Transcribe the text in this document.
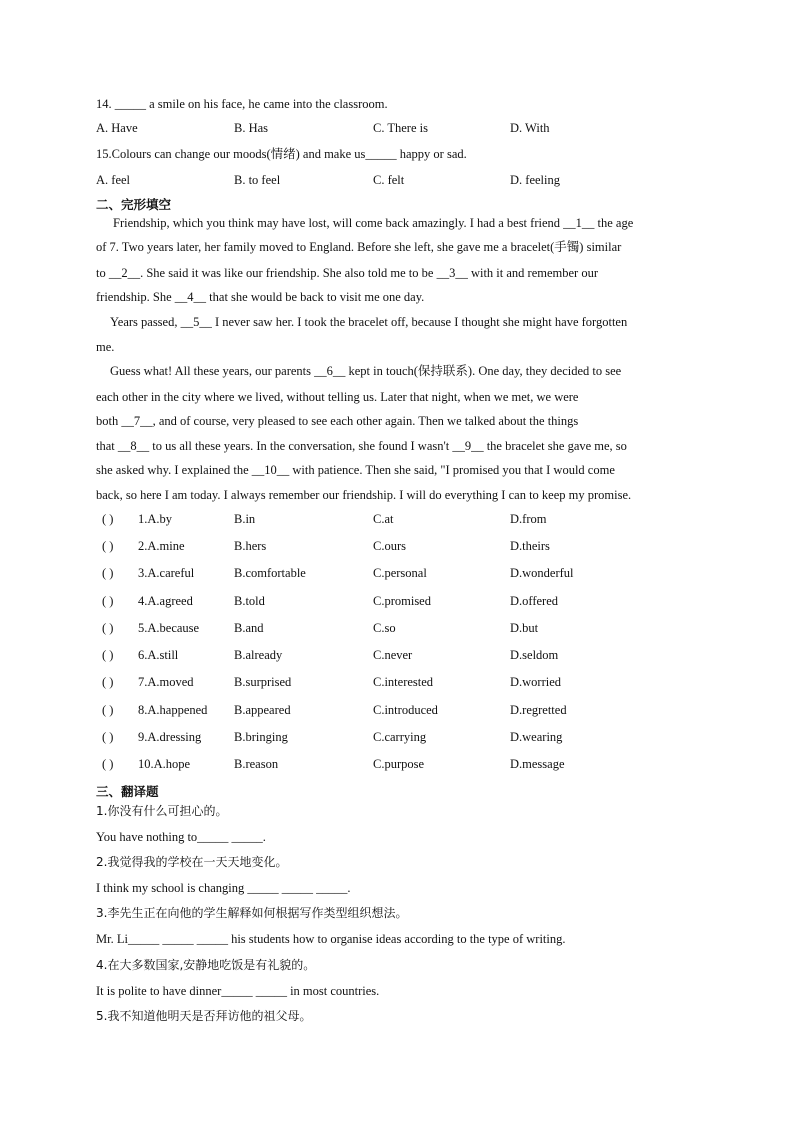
14. _____ a smile on his face, he came into the classroom.
A. Have	B. Has	C. There is	D. With
15.Colours can change our moods(情绪) and make us_____ happy or sad.
A. feel	B. to feel	C. felt	D. feeling
二、完形填空
Friendship, which you think may have lost, will come back amazingly. I had a best friend __1__ the age
of 7. Two years later, her family moved to England. Before she left, she gave me a bracelet(手镯) similar
to __2__. She said it was like our friendship. She also told me to be __3__ with it and remember our
friendship. She __4__ that she would be back to visit me one day.
Years passed, __5__ I never saw her. I took the bracelet off, because I thought she might have forgotten
me.
Guess what! All these years, our parents __6__ kept in touch(保持联系). One day, they decided to see
each other in the city where we lived, without telling us. Later that night, when we met, we were
both __7__, and of course, very pleased to see each other again. Then we talked about the things
that __8__ to us all these years. In the conversation, she found I wasn't __9__ the bracelet she gave me, so
she asked why. I explained the __10__ with patience. Then she said, "I promised you that I would come
back, so here I am today. I always remember our friendship. I will do everything I can to keep my promise.
( ) 1.A.by	B.in	C.at	D.from
( ) 2.A.mine	B.hers	C.ours	D.theirs
( ) 3.A.careful	B.comfortable	C.personal	D.wonderful
( ) 4.A.agreed	B.told	C.promised	D.offered
( ) 5.A.because	B.and	C.so	D.but
( ) 6.A.still	B.already	C.never	D.seldom
( ) 7.A.moved	B.surprised	C.interested	D.worried
( ) 8.A.happened B.appeared	C.introduced	D.regretted
( ) 9.A.dressing	B.bringing	C.carrying	D.wearing
( ) 10.A.hope	B.reason	C.purpose	D.message
三、翻译题
1.你没有什么可担心的。
You have nothing to_____ _____.
2.我觉得我的学校在一天天地变化。
I think my school is changing _____ _____ _____.
3.李先生正在向他的学生解释如何根据写作类型组织想法。
Mr. Li_____ _____ _____ his students how to organise ideas according to the type of writing.
4.在大多数国家,安静地吃饭是有礼貌的。
It is polite to have dinner_____ _____ in most countries.
5.我不知道他明天是否拜访他的祖父母。
